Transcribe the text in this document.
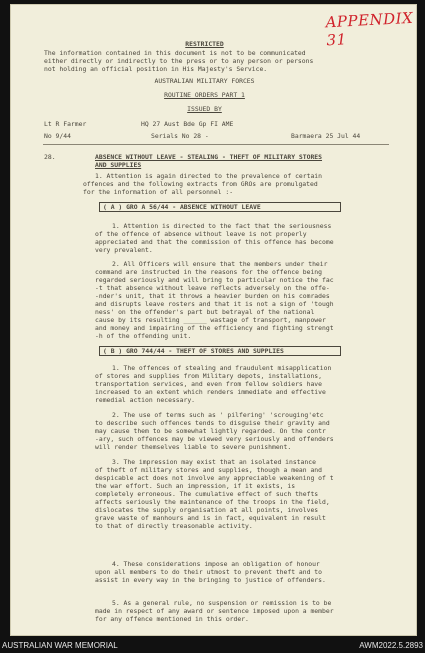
APPENDIX 31
RESTRICTED
The information contained in this document is not to be communicated
either directly or indirectly to the press or to any person or persons
not holding an official position in His Majesty's Service.
AUSTRALIAN MILITARY FORCES
ROUTINE ORDERS PART 1
ISSUED BY
Lt R Farmer	HQ 27 Aust Bde Gp FI AME
No 9/44	Serials No 28 -	Barmaera 25 Jul 44
28.	ABSENCE WITHOUT LEAVE - STEALING - THEFT OF MILITARY STORES
AND SUPPLIES
1. Attention is again directed to the prevalence of certain
offences and the following extracts from GROs are promulgated
for the information of all personnel :-
( A ) GRO A 56/44 - ABSENCE WITHOUT LEAVE
1. Attention is directed to the fact that the seriousness
of the offence of absence without leave is not properly
appreciated and that the commission of this offence has become
very prevalent.
2. All Officers will ensure that the members under their
command are instructed in the reasons for the offence being
regarded seriously and will bring to particular notice the fac
-t that absence without leave reflects adversely on the offe-
-nder's unit, that it throws a heavier burden on his comrades
and disrupts leave rosters and that it is not a sign of 'tough
ness' on the offender's part but betrayal of the national
cause by its resulting ______ wastage of transport, manpower
and money and impairing of the efficiency and fighting strengt
-h of the offending unit.
( B ) GRO 744/44 - THEFT OF STORES AND SUPPLIES
1. The offences of stealing and fraudulent misapplication
of stores and supplies from Military depots, installations,
transportation services, and even from fellow soldiers have
increased to an extent which renders immediate and effective
remedial action necessary.
2. The use of terms such as ' pilfering' 'scrouging'etc
to describe such offences tends to disguise their gravity and
may cause them to be somewhat lightly regarded. On the contr
-ary, such offences may be viewed very seriously and offenders
will render themselves liable to severe punishment.
3. The impression may exist that an isolated instance
of theft of military stores and supplies, though a mean and
despicable act does not involve any appreciable weakening of t
the war effort. Such an impression, if it exists, is
completely erroneous. The cumulative effect of such thefts
affects seriously the maintenance of the troops in the field,
dislocates the supply organisation at all points, involves
grave waste of manhours and is in fact, equivalent in result
to that of directly treasonable activity.
4. These considerations impose an obligation of honour
upon all members to do their utmost to prevent theft and to
assist in every way in the bringing to justice of offenders.
5. As a general rule, no suspension or remission is to be
made in respect of any award or sentence imposed upon a member
for any offence mentioned in this order.
AUSTRALIAN WAR MEMORIAL	AWM2022.5.2893
